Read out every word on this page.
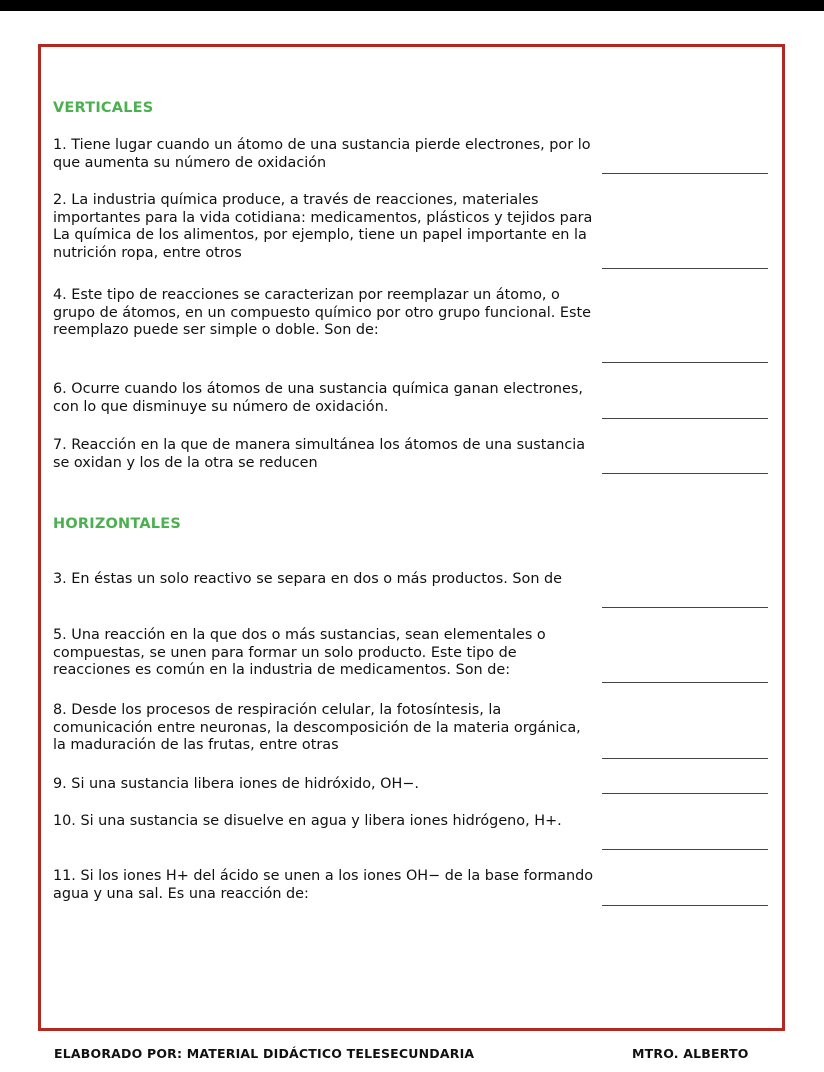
VERTICALES
1. Tiene lugar cuando un átomo de una sustancia pierde electrones, por lo que aumenta su número de oxidación
2. La industria química produce, a través de reacciones, materiales importantes para la vida cotidiana: medicamentos, plásticos y tejidos para La química de los alimentos, por ejemplo, tiene un papel importante en la nutrición ropa, entre otros
4. Este tipo de reacciones se caracterizan por reemplazar un átomo, o grupo de átomos, en un compuesto químico por otro grupo funcional. Este reemplazo puede ser simple o doble. Son de:
6. Ocurre cuando los átomos de una sustancia química ganan electrones, con lo que disminuye su número de oxidación.
7. Reacción en la que de manera simultánea los átomos de una sustancia se oxidan y los de la otra se reducen
HORIZONTALES
3. En éstas un solo reactivo se separa en dos o más productos. Son de
5. Una reacción en la que dos o más sustancias, sean elementales o compuestas, se unen para formar un solo producto. Este tipo de reacciones es común en la industria de medicamentos. Son de:
8. Desde los procesos de respiración celular, la fotosíntesis, la comunicación entre neuronas, la descomposición de la materia orgánica, la maduración de las frutas, entre otras
9. Si una sustancia libera iones de hidróxido, OH−.
10. Si una sustancia se disuelve en agua y libera iones hidrógeno, H+.
11. Si los iones H+ del ácido se unen a los iones OH− de la base formando agua y una sal. Es una reacción de:
ELABORADO POR: MATERIAL DIDÁCTICO TELESECUNDARIA	MTRO. ALBERTO
